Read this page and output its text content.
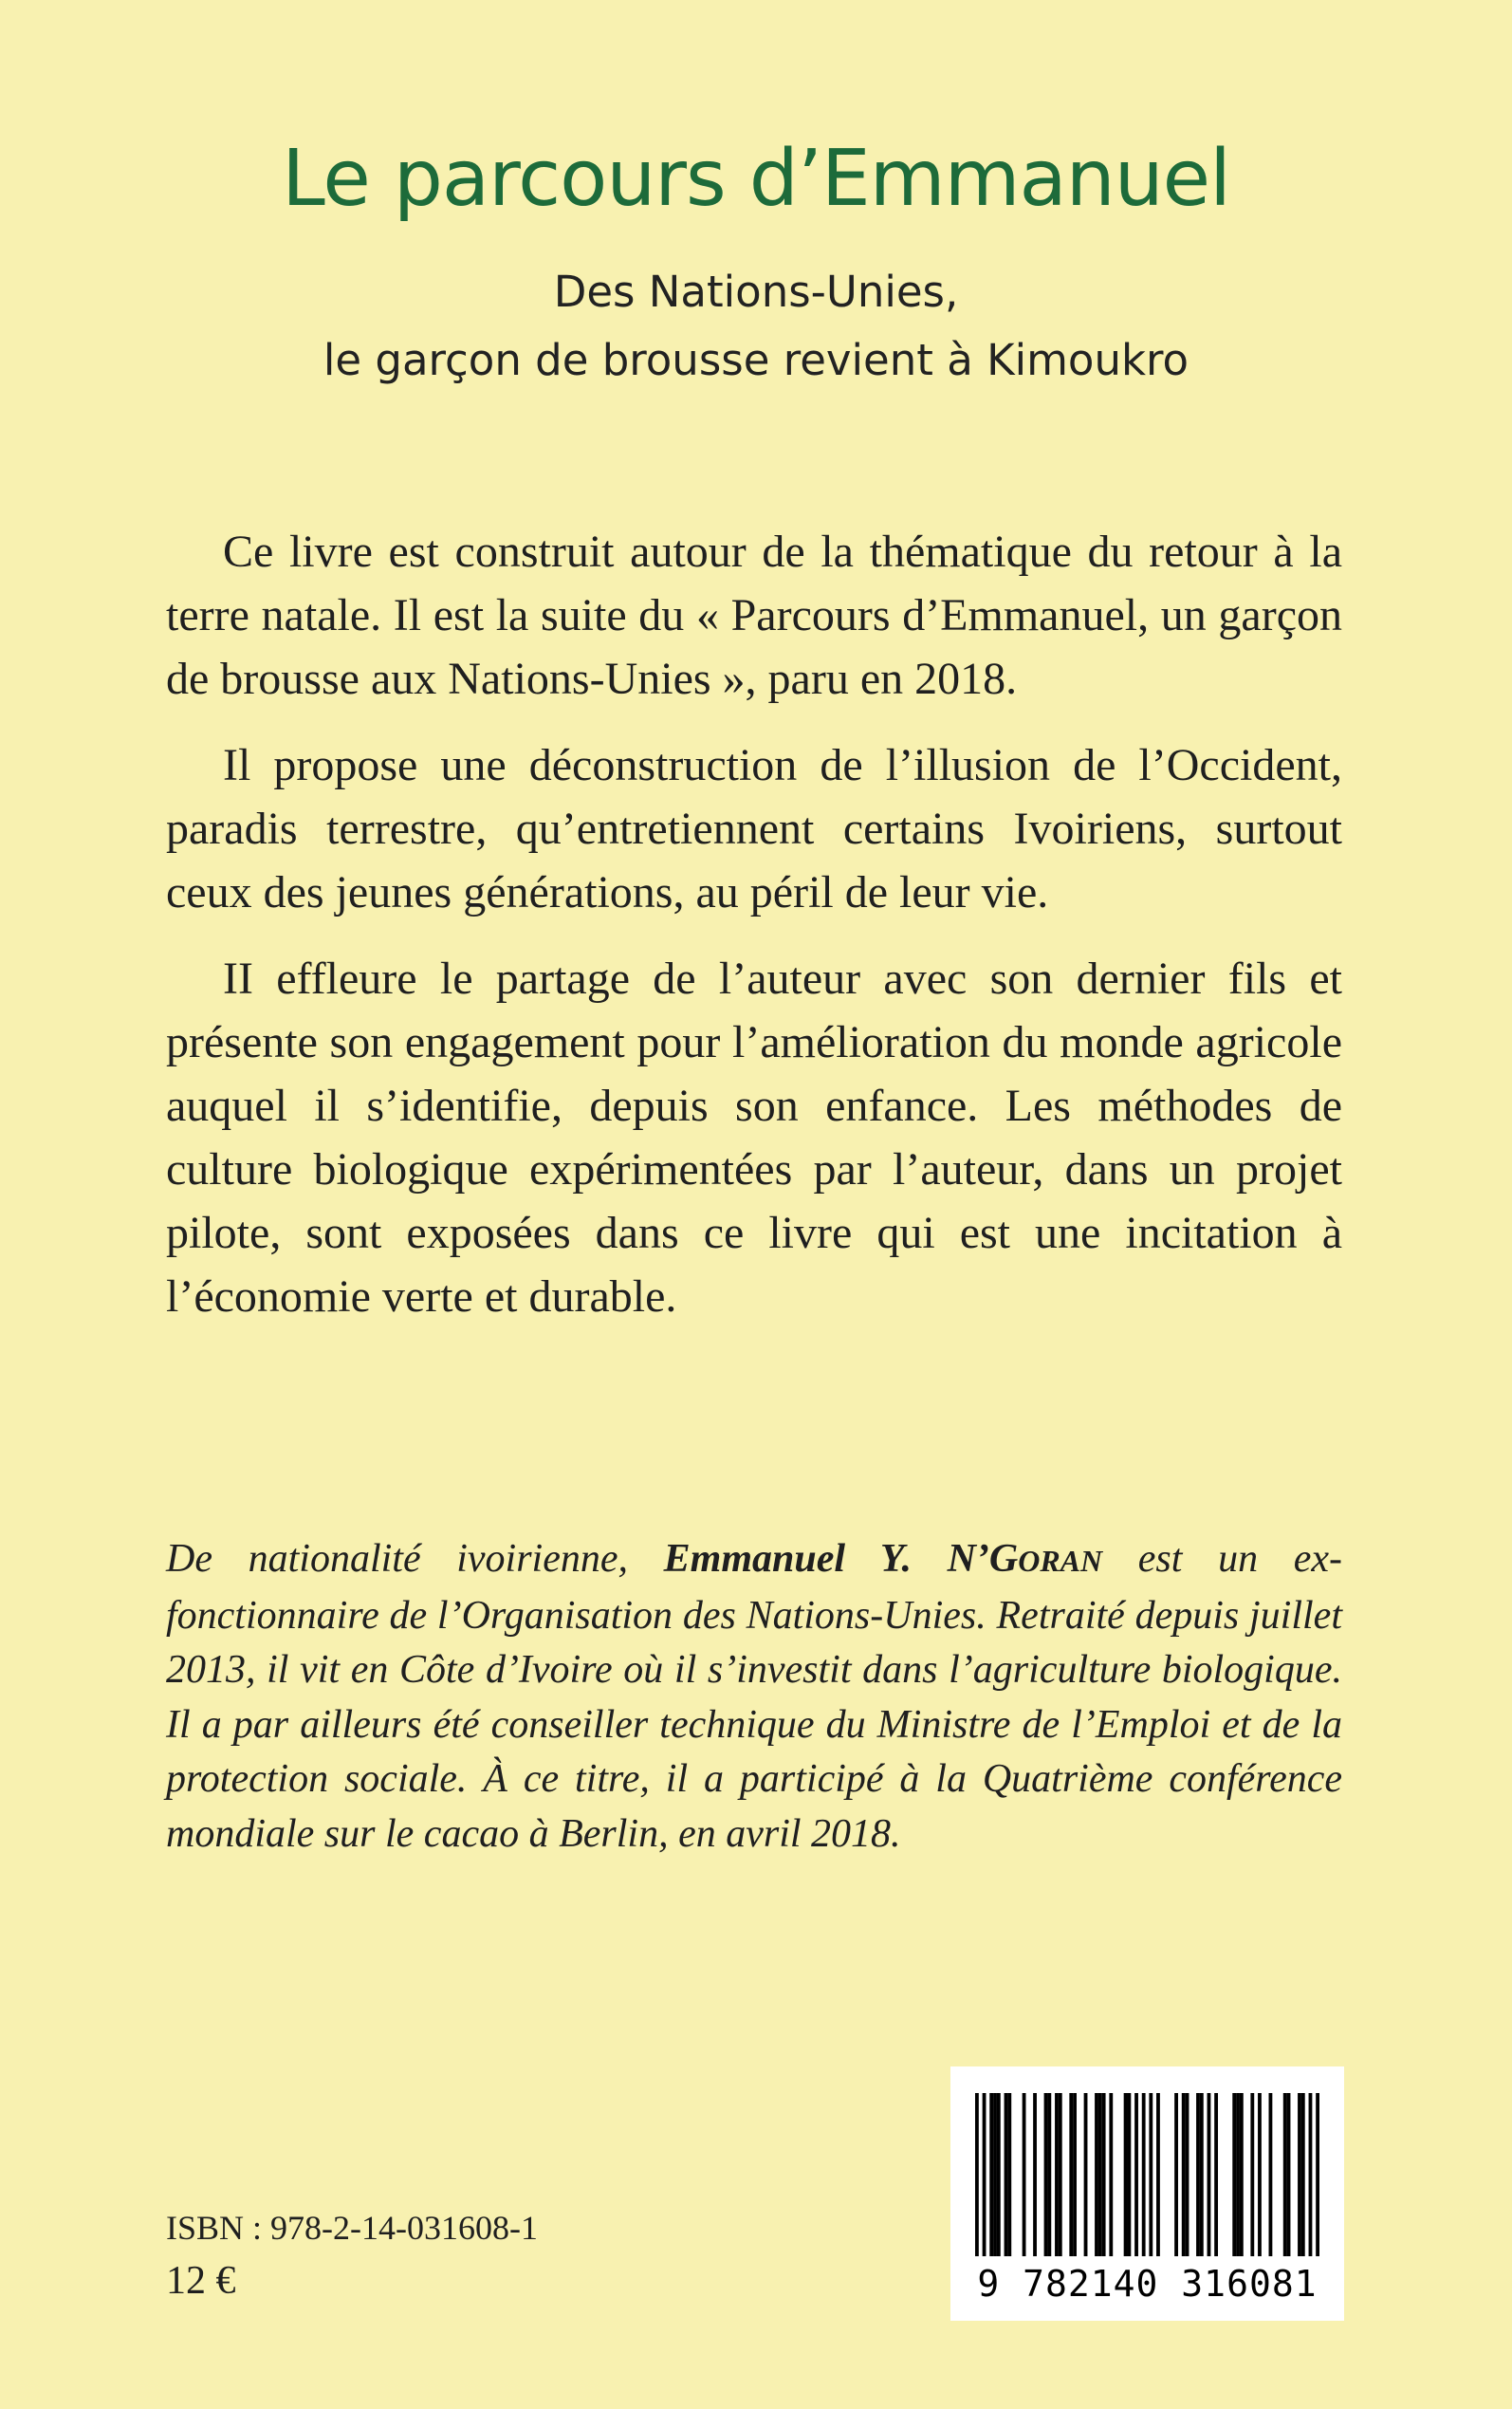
Le parcours d’Emmanuel
Des Nations-Unies,
le garçon de brousse revient à Kimoukro

Ce livre est construit autour de la thématique du retour à la terre natale. Il est la suite du « Parcours d’Emmanuel, un garçon de brousse aux Nations-Unies », paru en 2018.

Il propose une déconstruction de l’illusion de l’Occident, paradis terrestre, qu’entretiennent certains Ivoiriens, surtout ceux des jeunes générations, au péril de leur vie.

II effleure le partage de l’auteur avec son dernier fils et présente son engagement pour l’amélioration du monde agricole auquel il s’identifie, depuis son enfance. Les méthodes de culture biologique expérimentées par l’auteur, dans un projet pilote, sont exposées dans ce livre qui est une incitation à l’économie verte et durable.

De nationalité ivoirienne, Emmanuel Y. N’GORAN est un ex-fonctionnaire de l’Organisation des Nations-Unies. Retraité depuis juillet 2013, il vit en Côte d’Ivoire où il s’investit dans l’agriculture biologique. Il a par ailleurs été conseiller technique du Ministre de l’Emploi et de la protection sociale. À ce titre, il a participé à la Quatrième conférence mondiale sur le cacao à Berlin, en avril 2018.

ISBN : 978-2-14-031608-1
12 €	9 782140 316081
